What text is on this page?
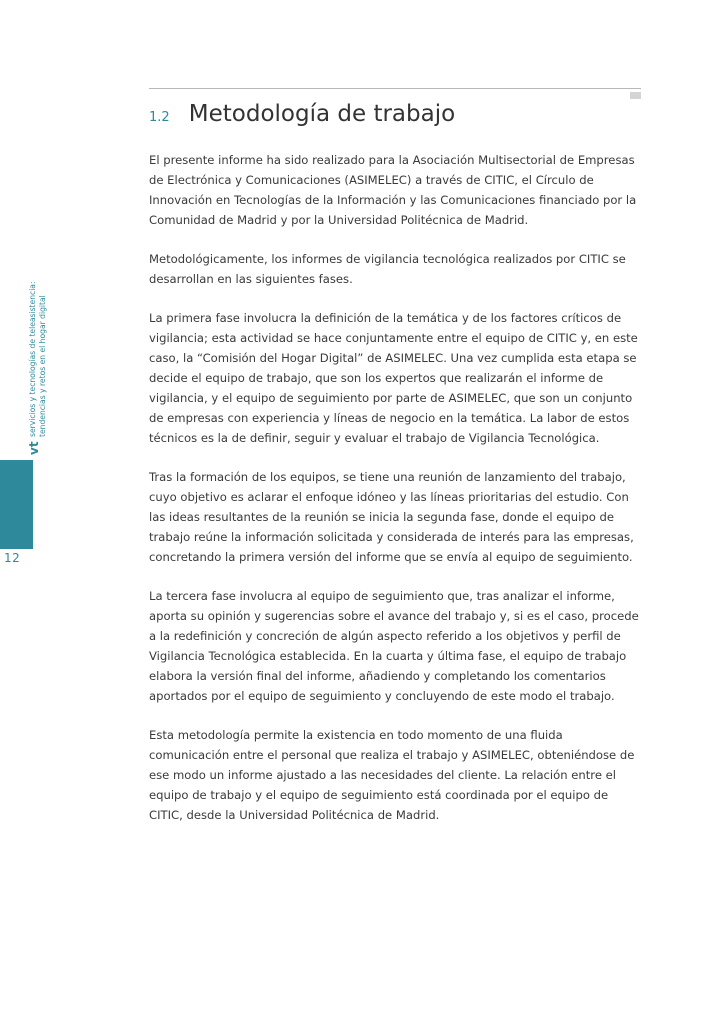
12
vt servicios y tecnologías de teleasistencia:
tendencias y retos en el hogar digital
1.2 Metodología de trabajo

El presente informe ha sido realizado para la Asociación Multisectorial de Empresas de Electrónica y Comunicaciones (ASIMELEC) a través de CITIC, el Círculo de Innovación en Tecnologías de la Información y las Comunicaciones financiado por la Comunidad de Madrid y por la Universidad Politécnica de Madrid.

Metodológicamente, los informes de vigilancia tecnológica realizados por CITIC se desarrollan en las siguientes fases.

La primera fase involucra la definición de la temática y de los factores críticos de vigilancia; esta actividad se hace conjuntamente entre el equipo de CITIC y, en este caso, la “Comisión del Hogar Digital” de ASIMELEC. Una vez cumplida esta etapa se decide el equipo de trabajo, que son los expertos que realizarán el informe de vigilancia, y el equipo de seguimiento por parte de ASIMELEC, que son un conjunto de empresas con experiencia y líneas de negocio en la temática. La labor de estos técnicos es la de definir, seguir y evaluar el trabajo de Vigilancia Tecnológica.

Tras la formación de los equipos, se tiene una reunión de lanzamiento del trabajo, cuyo objetivo es aclarar el enfoque idóneo y las líneas prioritarias del estudio. Con las ideas resultantes de la reunión se inicia la segunda fase, donde el equipo de trabajo reúne la información solicitada y considerada de interés para las empresas, concretando la primera versión del informe que se envía al equipo de seguimiento.

La tercera fase involucra al equipo de seguimiento que, tras analizar el informe, aporta su opinión y sugerencias sobre el avance del trabajo y, si es el caso, procede a la redefinición y concreción de algún aspecto referido a los objetivos y perfil de Vigilancia Tecnológica establecida. En la cuarta y última fase, el equipo de trabajo elabora la versión final del informe, añadiendo y completando los comentarios aportados por el equipo de seguimiento y concluyendo de este modo el trabajo.

Esta metodología permite la existencia en todo momento de una fluida comunicación entre el personal que realiza el trabajo y ASIMELEC, obteniéndose de ese modo un informe ajustado a las necesidades del cliente. La relación entre el equipo de trabajo y el equipo de seguimiento está coordinada por el equipo de CITIC, desde la Universidad Politécnica de Madrid.
